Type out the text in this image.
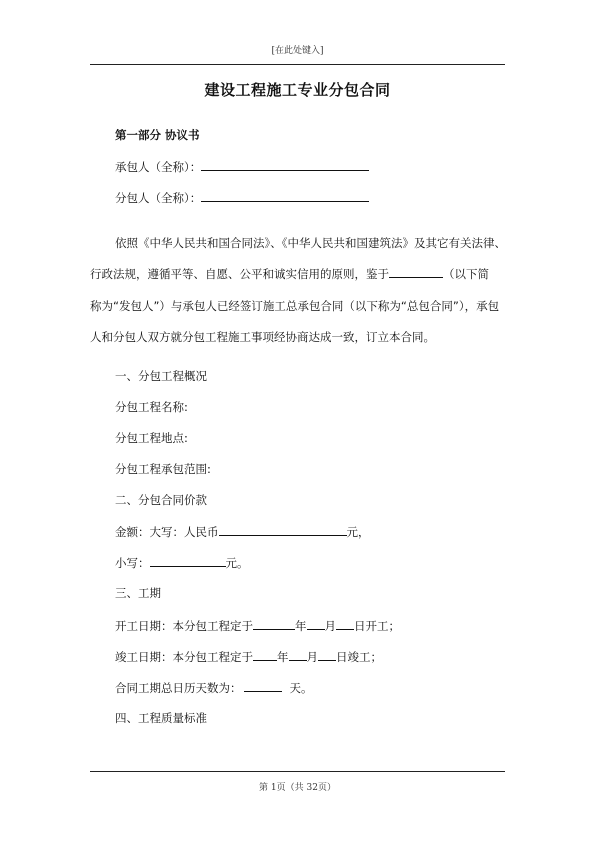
[在此处键入]
建设工程施工专业分包合同
第一部分 协议书
承包人（全称）：
分包人（全称）：
依照《中华人民共和国合同法》、《中华人民共和国建筑法》及其它有关法律、
行政法规，遵循平等、自愿、公平和诚实信用的原则，鉴于	（以下简
称为“发包人”）与承包人已经签订施工总承包合同（以下称为“总包合同”），承包
人和分包人双方就分包工程施工事项经协商达成一致，订立本合同。
一、分包工程概况
分包工程名称:
分包工程地点:
分包工程承包范围:
二、分包合同价款
金额：大写：人民币	元，
小写：	元。
三、工期
开工日期：本分包工程定于	年 月 日开工；
竣工日期：本分包工程定于 年 月 日竣工；
合同工期总日历天数为：	天。
四、工程质量标准
第 1页（共 32页）
